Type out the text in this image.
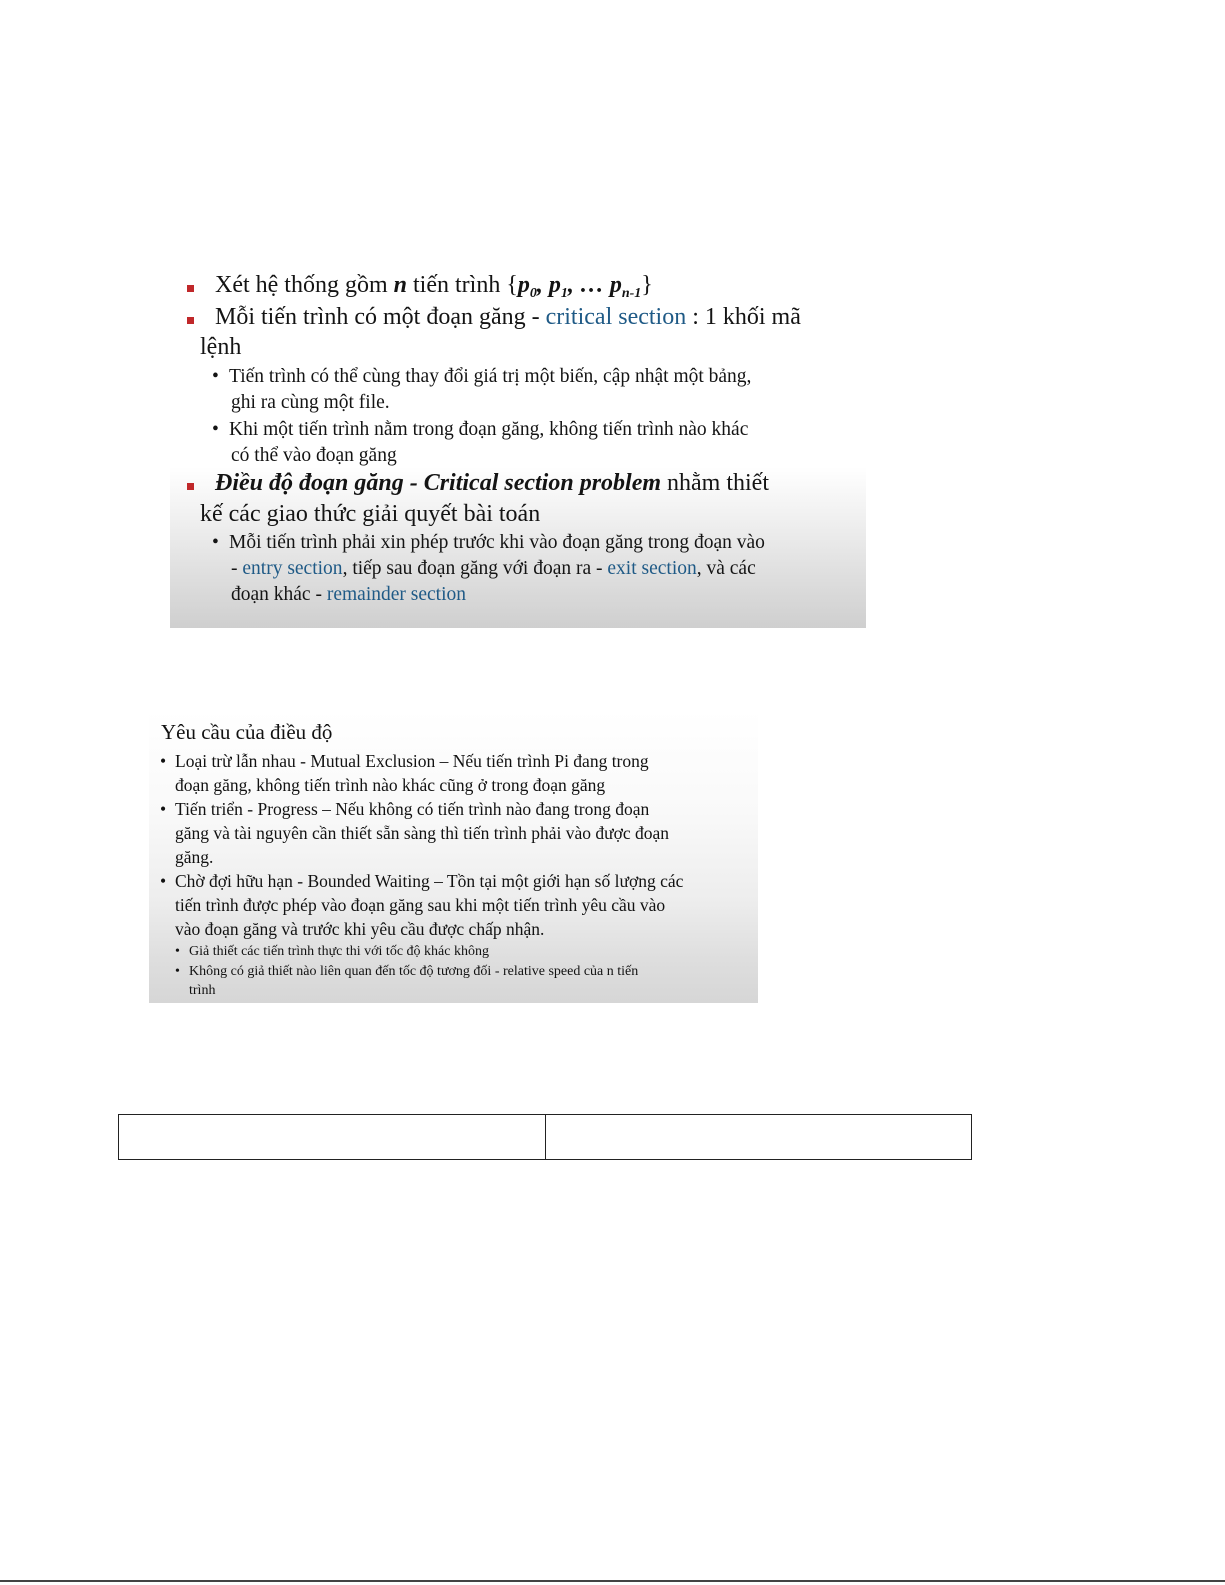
Xét hệ thống gồm n tiến trình {$p_0$, $p_1$, … $p_{n-1}$}
Mỗi tiến trình có một đoạn găng - critical section : 1 khối mã
lệnh
• Tiến trình có thể cùng thay đổi giá trị một biến, cập nhật một bảng,
ghi ra cùng một file.
• Khi một tiến trình nằm trong đoạn găng, không tiến trình nào khác
có thể vào đoạn găng
Điều độ đoạn găng - Critical section problem nhằm thiết
kế các giao thức giải quyết bài toán
• Mỗi tiến trình phải xin phép trước khi vào đoạn găng trong đoạn vào
- entry section, tiếp sau đoạn găng với đoạn ra - exit section, và các
đoạn khác - remainder section
Yêu cầu của điều độ
• Loại trừ lẫn nhau - Mutual Exclusion – Nếu tiến trình Pi đang trong
đoạn găng, không tiến trình nào khác cũng ở trong đoạn găng
• Tiến triển - Progress – Nếu không có tiến trình nào đang trong đoạn
găng và tài nguyên cần thiết sẵn sàng thì tiến trình phải vào được đoạn
găng.
• Chờ đợi hữu hạn - Bounded Waiting – Tồn tại một giới hạn số lượng các
tiến trình được phép vào đoạn găng sau khi một tiến trình yêu cầu vào
vào đoạn găng và trước khi yêu cầu được chấp nhận.
• Giả thiết các tiến trình thực thi với tốc độ khác không
• Không có giả thiết nào liên quan đến tốc độ tương đối - relative speed của n tiến
trình
